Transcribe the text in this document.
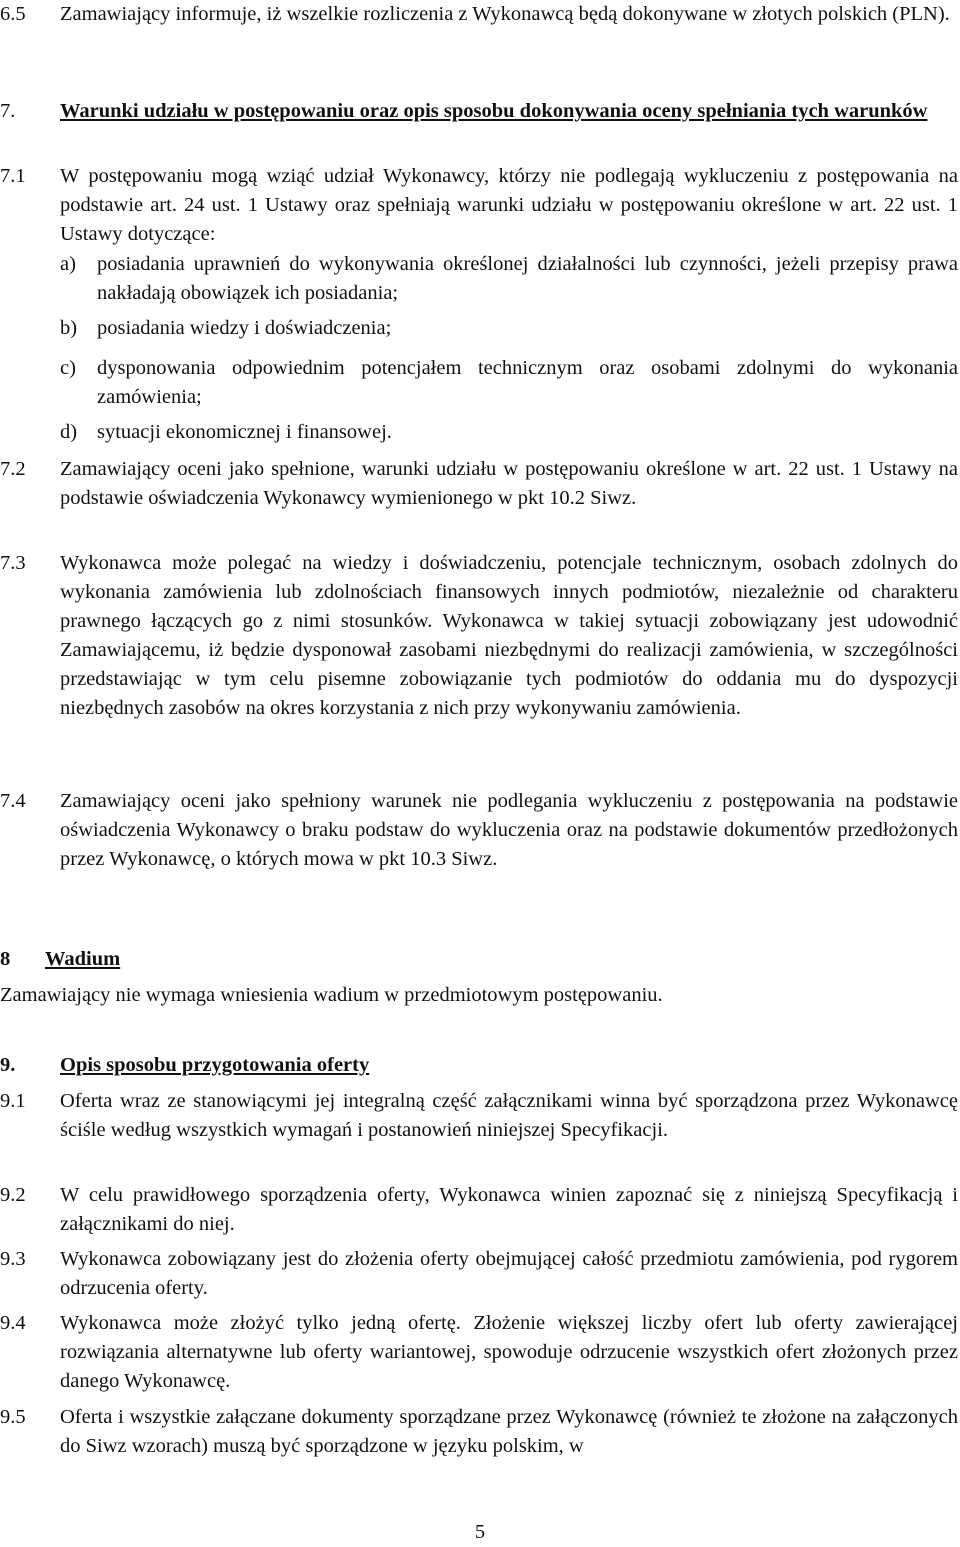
6.5	Zamawiający informuje, iż wszelkie rozliczenia z Wykonawcą będą dokonywane w złotych polskich (PLN).
7.	Warunki udziału w postępowaniu oraz opis sposobu dokonywania oceny spełniania tych warunków
7.1	W postępowaniu mogą wziąć udział Wykonawcy, którzy nie podlegają wykluczeniu z postępowania na podstawie art. 24 ust. 1 Ustawy oraz spełniają warunki udziału w postępowaniu określone w art. 22 ust. 1 Ustawy dotyczące:
a)	posiadania uprawnień do wykonywania określonej działalności lub czynności, jeżeli przepisy prawa nakładają obowiązek ich posiadania;
b) posiadania wiedzy i doświadczenia;
c)	dysponowania odpowiednim potencjałem technicznym oraz osobami zdolnymi do wykonania zamówienia;
d) sytuacji ekonomicznej i finansowej.
7.2	Zamawiający oceni jako spełnione, warunki udziału w postępowaniu określone w art. 22 ust. 1 Ustawy na podstawie oświadczenia Wykonawcy wymienionego w pkt 10.2 Siwz.
7.3	Wykonawca może polegać na wiedzy i doświadczeniu, potencjale technicznym, osobach zdolnych do wykonania zamówienia lub zdolnościach finansowych innych podmiotów, niezależnie od charakteru prawnego łączących go z nimi stosunków. Wykonawca w takiej sytuacji zobowiązany jest udowodnić Zamawiającemu, iż będzie dysponował zasobami niezbędnymi do realizacji zamówienia, w szczególności przedstawiając w tym celu pisemne zobowiązanie tych podmiotów do oddania mu do dyspozycji niezbędnych zasobów na okres korzystania z nich przy wykonywaniu zamówienia.
7.4	Zamawiający oceni jako spełniony warunek nie podlegania wykluczeniu z postępowania na podstawie oświadczenia Wykonawcy o braku podstaw do wykluczenia oraz na podstawie dokumentów przedłożonych przez Wykonawcę, o których mowa w pkt 10.3 Siwz.
8	Wadium
Zamawiający nie wymaga wniesienia wadium w przedmiotowym postępowaniu.
9.	Opis sposobu przygotowania oferty
9.1	Oferta wraz ze stanowiącymi jej integralną część załącznikami winna być sporządzona przez Wykonawcę ściśle według wszystkich wymagań i postanowień niniejszej Specyfikacji.
9.2	W celu prawidłowego sporządzenia oferty, Wykonawca winien zapoznać się z niniejszą Specyfikacją i załącznikami do niej.
9.3	Wykonawca zobowiązany jest do złożenia oferty obejmującej całość przedmiotu zamówienia, pod rygorem odrzucenia oferty.
9.4	Wykonawca może złożyć tylko jedną ofertę. Złożenie większej liczby ofert lub oferty zawierającej rozwiązania alternatywne lub oferty wariantowej, spowoduje odrzucenie wszystkich ofert złożonych przez danego Wykonawcę.
9.5	Oferta i wszystkie załączane dokumenty sporządzane przez Wykonawcę (również te złożone na załączonych do Siwz wzorach) muszą być sporządzone w języku polskim, w
5
